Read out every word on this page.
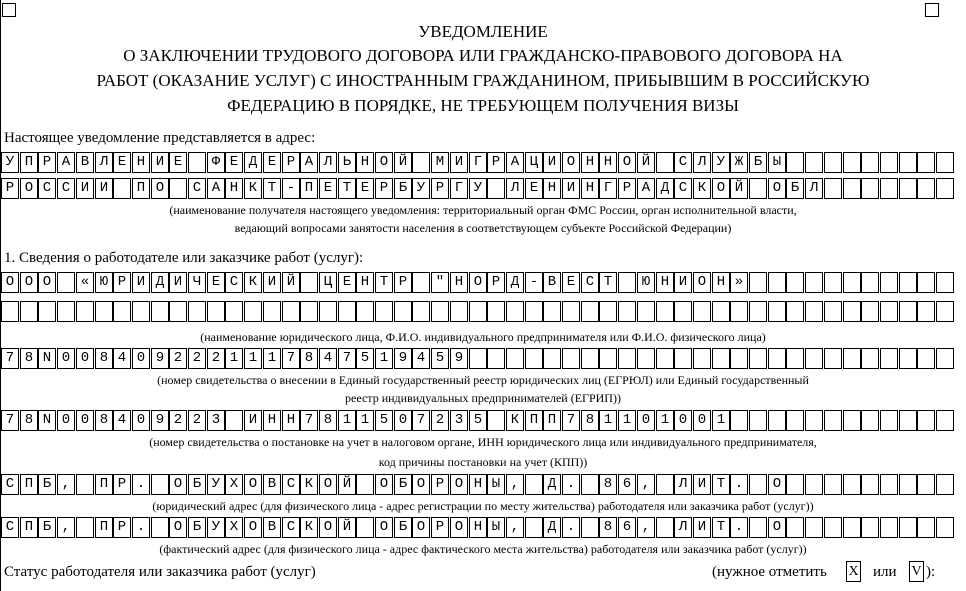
УВЕДОМЛЕНИЕ
О ЗАКЛЮЧЕНИИ ТРУДОВОГО ДОГОВОРА ИЛИ ГРАЖДАНСКО-ПРАВОВОГО ДОГОВОРА НА
РАБОТ (ОКАЗАНИЕ УСЛУГ) С ИНОСТРАННЫМ ГРАЖДАНИНОМ, ПРИБЫВШИМ В РОССИЙСКУЮ
ФЕДЕРАЦИЮ В ПОРЯДКЕ, НЕ ТРЕБУЮЩЕМ ПОЛУЧЕНИЯ ВИЗЫ
Настоящее уведомление представляется в адрес:
У П Р А В Л Е Н И Е	Ф Е Д Е Р А Л Ь Н О Й	М И Г Р А Ц И О Н Н О Й	С Л У Ж Б Ы
Р О С С И И	П О	С А Н К Т - П Е Т Е Р Б У Р Г У	Л Е Н И Н Г Р А Д С К О Й	О Б Л
(наименование получателя настоящего уведомления: территориальный орган ФМС России, орган исполнительной власти,
ведающий вопросами занятости населения в соответствующем субъекте Российской Федерации)
1. Сведения о работодателе или заказчике работ (услуг):
О О О	« Ю Р И Д И Ч Е С К И Й	Ц Е Н Т Р	" Н О Р Д - В Е С Т	Ю Н И О Н »
(наименование юридического лица, Ф.И.О. индивидуального предпринимателя или Ф.И.О. физического лица)
7 8 N 0 0 8 4 0 9 2 2 2 1 1 1 7 8 4 7 5 1 9 4 5 9
(номер свидетельства о внесении в Единый государственный реестр юридических лиц (ЕГРЮЛ) или Единый государственный
реестр индивидуальных предпринимателей (ЕГРИП))
7 8 N 0 0 8 4 0 9 2 2 3	И Н Н 7 8 1 1 5 0 7 2 3 5	К П П 7 8 1 1 0 1 0 0 1
(номер свидетельства о постановке на учет в налоговом органе, ИНН юридического лица или индивидуального предпринимателя,
код причины постановки на учет (КПП))
С П Б ,	П Р .	О Б У Х О В С К О Й	О Б О Р О Н Ы ,	Д .	8 6 ,	Л И Т .	О
(юридический адрес (для физического лица - адрес регистрации по месту жительства) работодателя или заказчика работ (услуг))
С П Б ,	П Р .	О Б У Х О В С К О Й	О Б О Р О Н Ы ,	Д .	8 6 ,	Л И Т .	О
(фактический адрес (для физического лица - адрес фактического места жительства) работодателя или заказчика работ (услуг))
Статус работодателя или заказчика работ (услуг)	(нужное отметить X или V ):
